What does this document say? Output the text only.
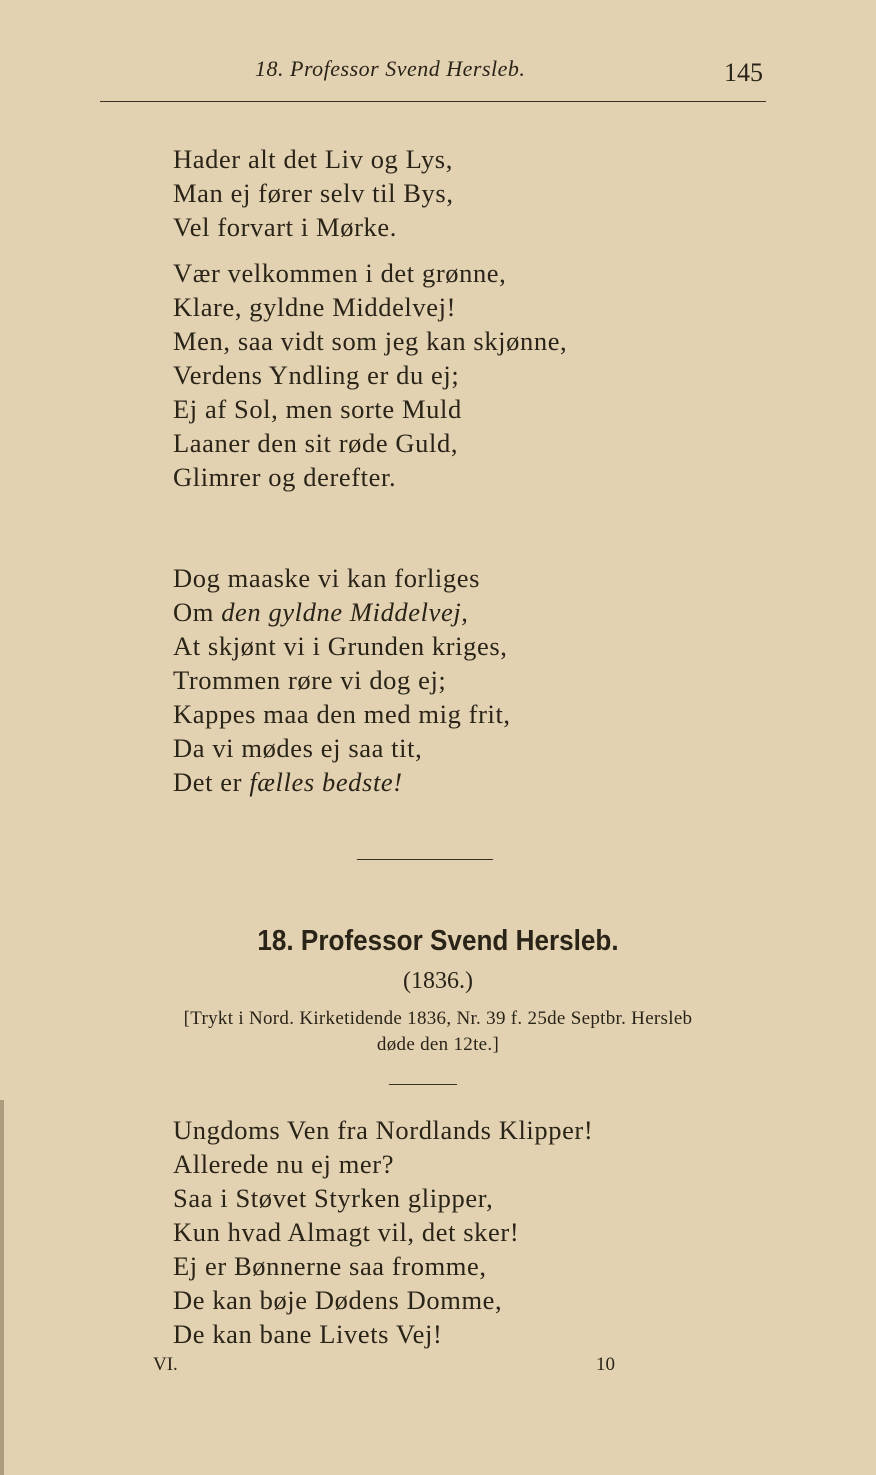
18. Professor Svend Hersleb.	145
Hader alt det Liv og Lys,
Man ej fører selv til Bys,
Vel forvart i Mørke.
Vær velkommen i det grønne,
Klare, gyldne Middelvej!
Men, saa vidt som jeg kan skjønne,
Verdens Yndling er du ej;
Ej af Sol, men sorte Muld
Laaner den sit røde Guld,
Glimrer og derefter.
Dog maaske vi kan forliges
Om den gyldne Middelvej,
At skjønt vi i Grunden kriges,
Trommen røre vi dog ej;
Kappes maa den med mig frit,
Da vi mødes ej saa tit,
Det er fælles bedste!
18. Professor Svend Hersleb.
(1836.)
[Trykt i Nord. Kirketidende 1836, Nr. 39 f. 25de Septbr. Hersleb
døde den 12te.]
Ungdoms Ven fra Nordlands Klipper!
Allerede nu ej mer?
Saa i Støvet Styrken glipper,
Kun hvad Almagt vil, det sker!
Ej er Bønnerne saa fromme,
De kan bøje Dødens Domme,
De kan bane Livets Vej!
VI.	10
